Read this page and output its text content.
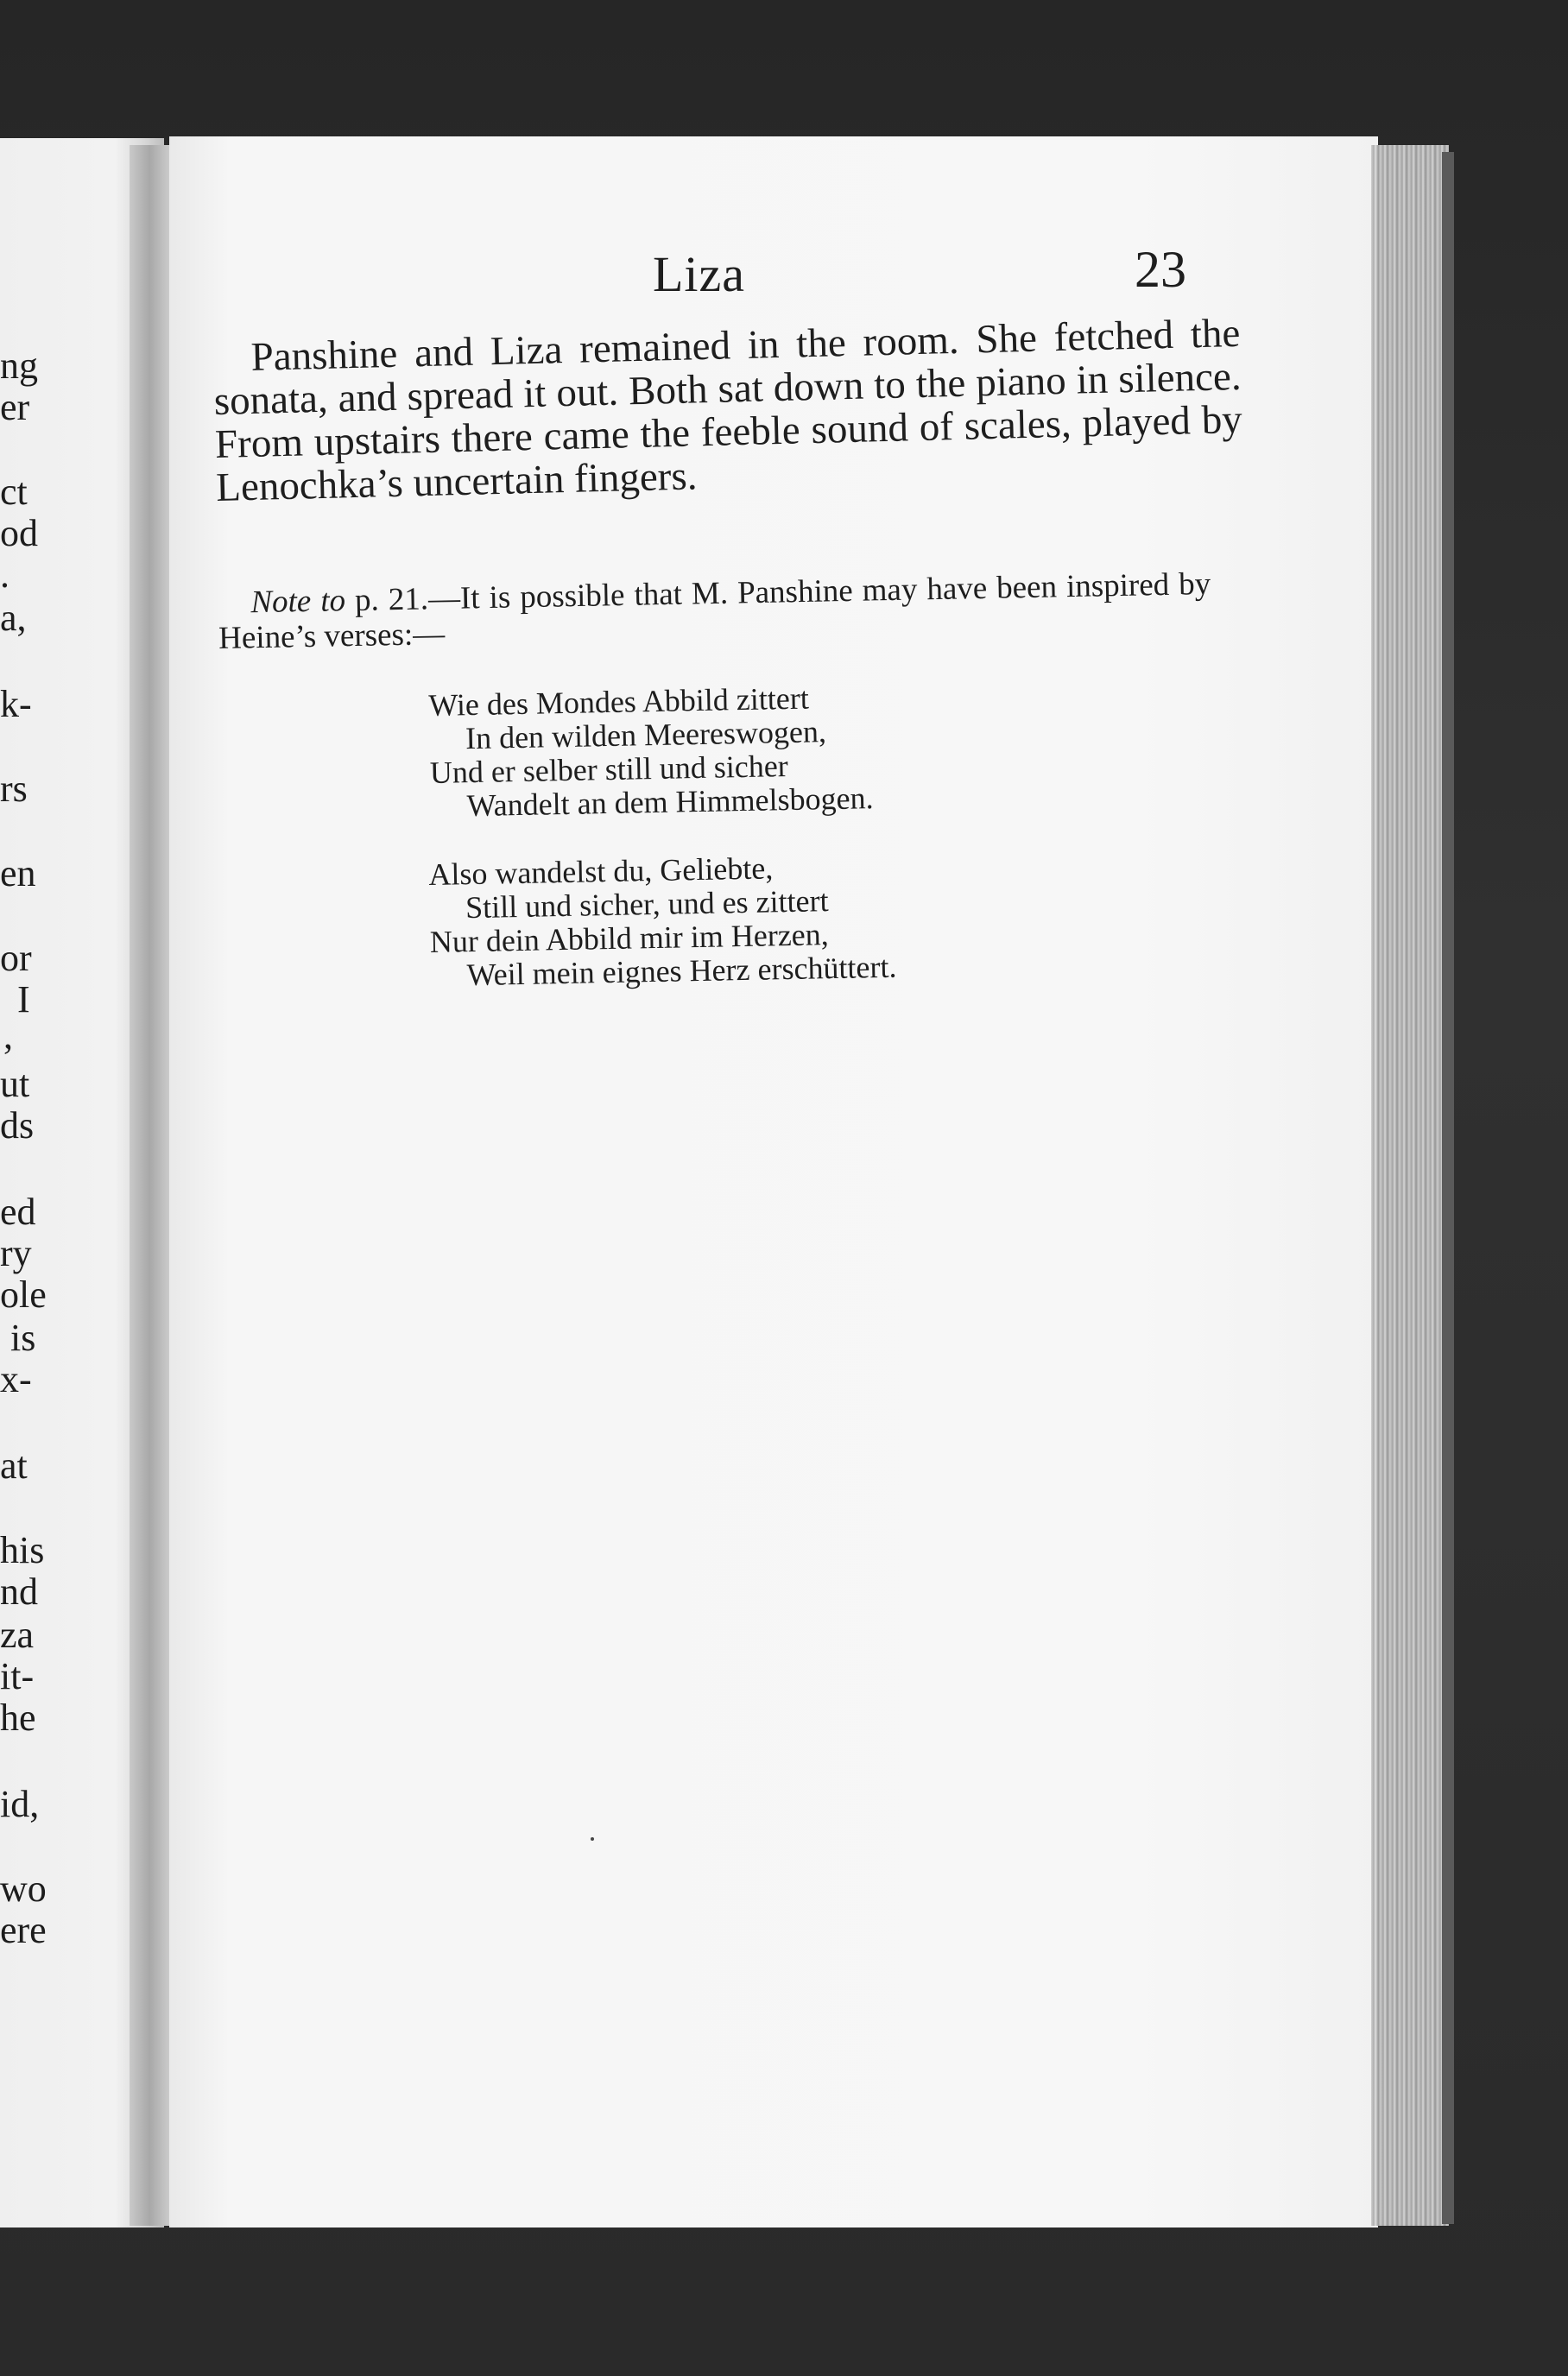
ng
er
ct
od
.
a,
k-
rs
en
or
I
,
ut
ds
ed
ry
ole
is
x-
at
his
nd
za
it-
he
id,
wo
ere
Liza	23
Panshine and Liza remained in the room. She fetched the sonata, and spread it out. Both sat down to the piano in silence. From upstairs there came the feeble sound of scales, played by Lenochka’s uncertain fingers.
Note to p. 21.—It is possible that M. Panshine may have been inspired by Heine’s verses:—
Wie des Mondes Abbild zittert
In den wilden Meereswogen,
Und er selber still und sicher
Wandelt an dem Himmelsbogen.
Also wandelst du, Geliebte,
Still und sicher, und es zittert
Nur dein Abbild mir im Herzen,
Weil mein eignes Herz erschüttert.
